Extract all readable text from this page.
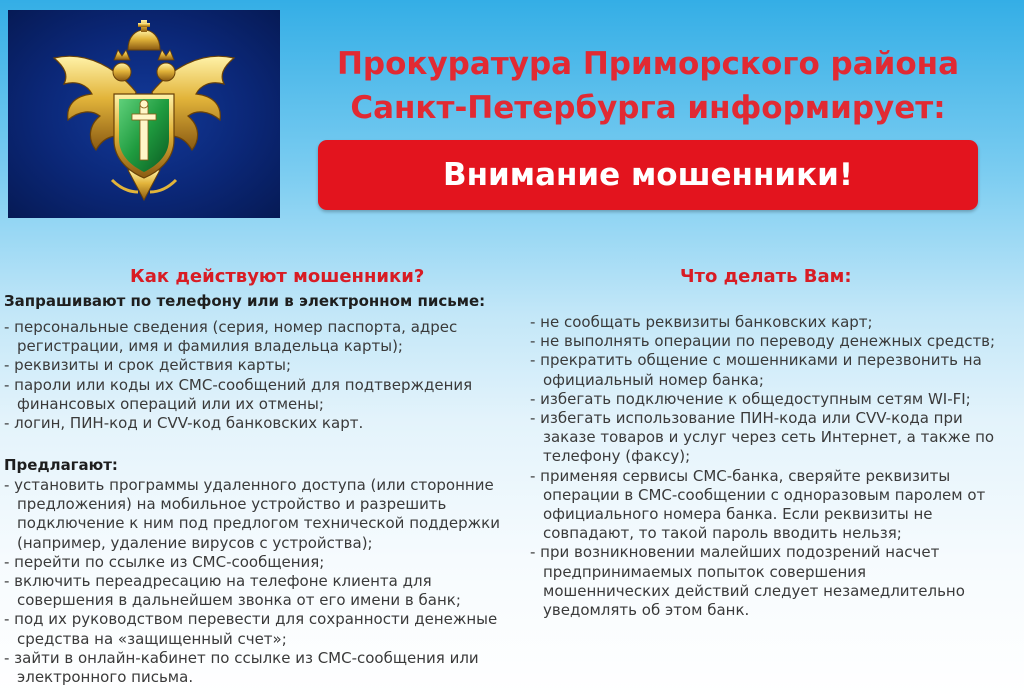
Прокуратура Приморского района
Санкт-Петербурга информирует:
Внимание мошенники!
Как действуют мошенники?
Запрашивают по телефону или в электронном письме:
- персональные сведения (серия, номер паспорта, адрес
регистрации, имя и фамилия владельца карты);
- реквизиты и срок действия карты;
- пароли или коды их СМС-сообщений для подтверждения
финансовых операций или их отмены;
- логин, ПИН-код и CVV-код банковских карт.
Предлагают:
- установить программы удаленного доступа (или сторонние
предложения) на мобильное устройство и разрешить
подключение к ним под предлогом технической поддержки
(например, удаление вирусов с устройства);
- перейти по ссылке из СМС-сообщения;
- включить переадресацию на телефоне клиента для
совершения в дальнейшем звонка от его имени в банк;
- под их руководством перевести для сохранности денежные
средства на «защищенный счет»;
- зайти в онлайн-кабинет по ссылке из СМС-сообщения или
электронного письма.
Что делать Вам:
- не сообщать реквизиты банковских карт;
- не выполнять операции по переводу денежных средств;
- прекратить общение с мошенниками и перезвонить на
официальный номер банка;
- избегать подключение к общедоступным сетям WI-FI;
- избегать использование ПИН-кода или CVV-кода при
заказе товаров и услуг через сеть Интернет, а также по
телефону (факсу);
- применяя сервисы СМС-банка, сверяйте реквизиты
операции в СМС-сообщении с одноразовым паролем от
официального номера банка. Если реквизиты не
совпадают, то такой пароль вводить нельзя;
- при возникновении малейших подозрений насчет
предпринимаемых попыток совершения
мошеннических действий следует незамедлительно
уведомлять об этом банк.
